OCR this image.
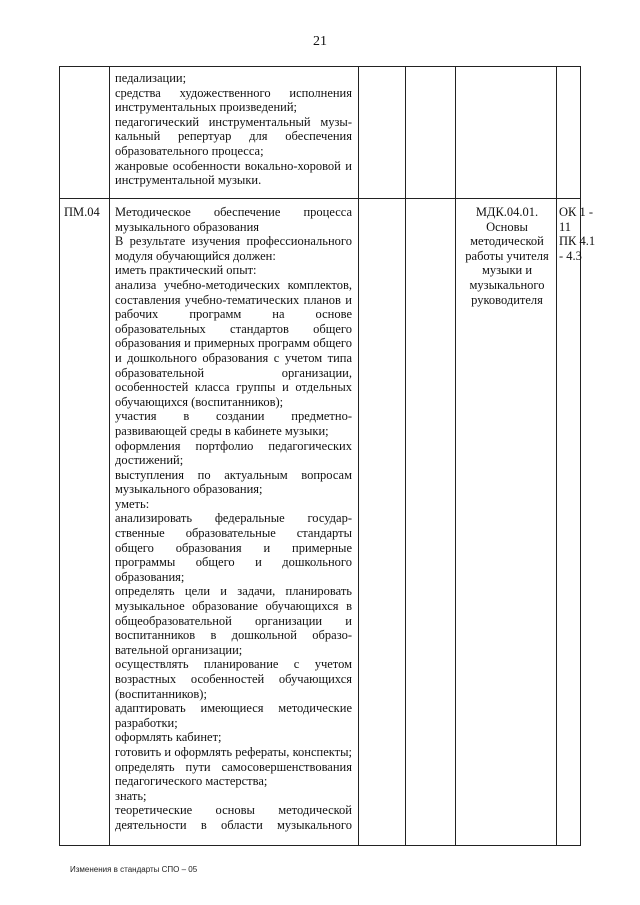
21
педализации;
средства художественного исполнения
инструментальных произведений;
педагогический инструментальный музы-
кальный репертуар для обеспечения
образовательного процесса;
жанровые особенности вокально-хоровой и
инструментальной музыки.
ПМ.04 Методическое обеспечение процесса
музыкального образования
В результате изучения профессионального
модуля обучающийся должен:
иметь практический опыт:
анализа учебно-методических комплектов,
составления учебно-тематических планов и
рабочих программ на основе
образовательных стандартов общего
образования и примерных программ общего
и дошкольного образования с учетом типа
образовательной организации,
особенностей класса группы и отдельных
обучающихся (воспитанников);
участия в создании предметно-
развивающей среды в кабинете музыки;
оформления портфолио педагогических
достижений;
выступления по актуальным вопросам
музыкального образования;
уметь:
анализировать федеральные государ-
ственные образовательные стандарты
общего образования и примерные
программы общего и дошкольного
образования;
определять цели и задачи, планировать
музыкальное образование обучающихся в
общеобразовательной организации и
воспитанников в дошкольной образо-
вательной организации;
осуществлять планирование с учетом
возрастных особенностей обучающихся
(воспитанников);
адаптировать имеющиеся методические
разработки;
оформлять кабинет;
готовить и оформлять рефераты, конспекты;
определять пути самосовершенствования
педагогического мастерства;
знать;
теоретические основы методической
деятельности в области музыкального
МДК.04.01.
Основы
методической
работы учителя
музыки и
музыкального
руководителя
ОК 1 -
11
ПК 4.1
- 4.3
Изменения в стандарты СПО – 05
